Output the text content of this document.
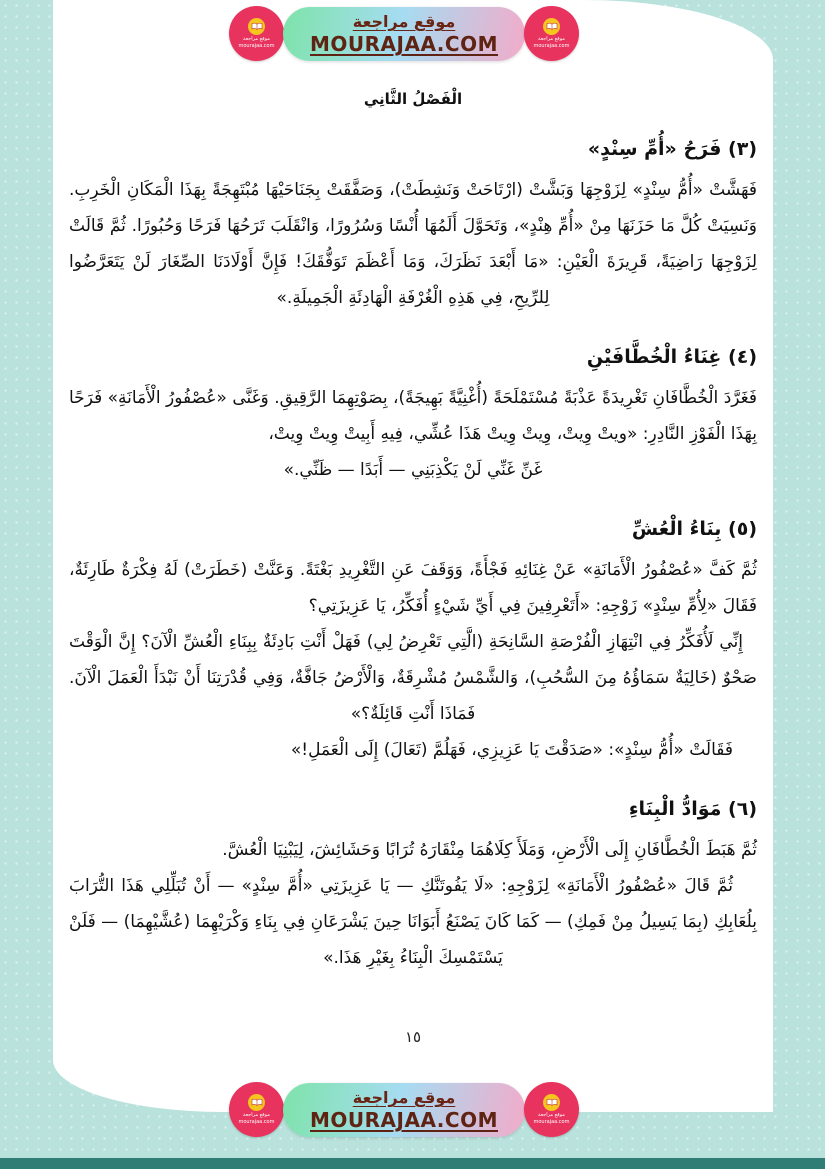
الْفَصْلُ الثَّانِي

(٣) فَرَحُ «أُمِّ سِنْدٍ»

فَهَشَّتْ «أُمُّ سِنْدٍ» لِزَوْجِهَا وَبَشَّتْ (ارْتَاحَتْ وَنَشِطَتْ)، وَصَفَّقَتْ بِجَنَاحَيْهَا مُبْتَهِجَةً بِهَذَا الْمَكَانِ الْخَرِبِ. وَنَسِيَتْ كُلَّ مَا حَزَنَهَا مِنْ «أُمِّ هِنْدٍ»، وَتَحَوَّلَ أَلَمُهَا أُنْسًا وَسُرُورًا، وَانْقَلَبَ تَرَحُهَا فَرَحًا وَحُبُورًا. ثُمَّ قَالَتْ لِزَوْجِهَا رَاضِيَةً، قَرِيرَةَ الْعَيْنِ: «مَا أَبْعَدَ نَظَرَكَ، وَمَا أَعْظَمَ تَوَفُّقَكَ! فَإِنَّ أَوْلَادَنَا الصِّغَارَ لَنْ يَتَعَرَّضُوا لِلرِّيحِ، فِي هَذِهِ الْغُرْفَةِ الْهَادِئَةِ الْجَمِيلَةِ.»

(٤) غِنَاءُ الْخُطَّافَيْنِ

فَغَرَّدَ الْخُطَّافَانِ تَغْرِيدَةً عَذْبَةً مُسْتَمْلَحَةً (أُغْنِيَّةً بَهِيجَةً)، بِصَوْتِهِمَا الرَّقِيقِ. وَغَنَّى «عُصْفُورُ الْأَمَانَةِ» فَرَحًا بِهَذَا الْفَوْزِ النَّادِرِ: «ويتْ وِيتْ، وِيتْ وِيتْ هَذَا عُشِّي، فِيهِ أَبِيتْ وِيتْ وِيتْ،

غَنِّ غَنِّي لَنْ يَكْذِبَنِي — أَبَدًا — ظَنِّي.»

(٥) بِنَاءُ الْعُشِّ

ثُمَّ كَفَّ «عُصْفُورُ الْأَمَانَةِ» عَنْ غِنَائِهِ فَجْأَةً، وَوَقَفَ عَنِ التَّغْرِيدِ بَغْتَةً. وَعَنَّتْ (خَطَرَتْ) لَهُ فِكْرَةٌ طَارِئَةٌ، فَقَالَ «لِأُمِّ سِنْدٍ» زَوْجِهِ: «أَتَعْرِفِينَ فِي أَيِّ شَيْءٍ أُفَكِّرُ، يَا عَزِيزَتِي؟

إِنِّي لَأُفَكِّرُ فِي انْتِهَازِ الْفُرْصَةِ السَّانِحَةِ (الَّتِي تَعْرِضُ لِي) فَهَلْ أَنْتِ بَادِئَةٌ بِبِنَاءِ الْعُشِّ الْآنَ؟ إِنَّ الْوَقْتَ صَحْوٌ (خَالِيَةٌ سَمَاؤُهُ مِنَ السُّحُبِ)، وَالشَّمْسُ مُشْرِقَةٌ، وَالْأَرْضُ جَافَّةٌ، وَفِي قُدْرَتِنَا أَنْ نَبْدَأَ الْعَمَلَ الْآنَ. فَمَاذَا أَنْتِ قَائِلَةٌ؟»

فَقَالَتْ «أُمُّ سِنْدٍ»: «صَدَقْتَ يَا عَزِيزِي، فَهَلُمَّ (تَعَالَ) إِلَى الْعَمَلِ!»

(٦) مَوَادُّ الْبِنَاءِ

ثُمَّ هَبَطَ الْخُطَّافَانِ إِلَى الْأَرْضِ، وَمَلَأَ كِلَاهُمَا مِنْقَارَهُ تُرَابًا وَحَشَائِشَ، لِيَبْنِيَا الْعُشَّ.

ثُمَّ قَالَ «عُصْفُورُ الْأَمَانَةِ» لِزَوْجِهِ: «لَا يَفُوتَنَّكِ — يَا عَزِيزَتِي «أُمَّ سِنْدٍ» — أَنْ تُبَلِّلِي هَذَا التُّرَابَ بِلُعَابِكِ (بِمَا يَسِيلُ مِنْ فَمِكِ) — كَمَا كَانَ يَصْنَعُ أَبَوَانَا حِينَ يَشْرَعَانِ فِي بِنَاءِ وَكْرَيْهِمَا (عُشَّيْهِمَا) — فَلَنْ يَسْتَمْسِكَ الْبِنَاءُ بِغَيْرِ هَذَا.»

١٥
موقع مراجعة
mourajaa.com
موقع مراجعة
MOURAJAA.COM	موقع مراجعة
mourajaa.com
موقع مراجعة
mourajaa.com
موقع مراجعة
MOURAJAA.COM	موقع مراجعة
mourajaa.com
